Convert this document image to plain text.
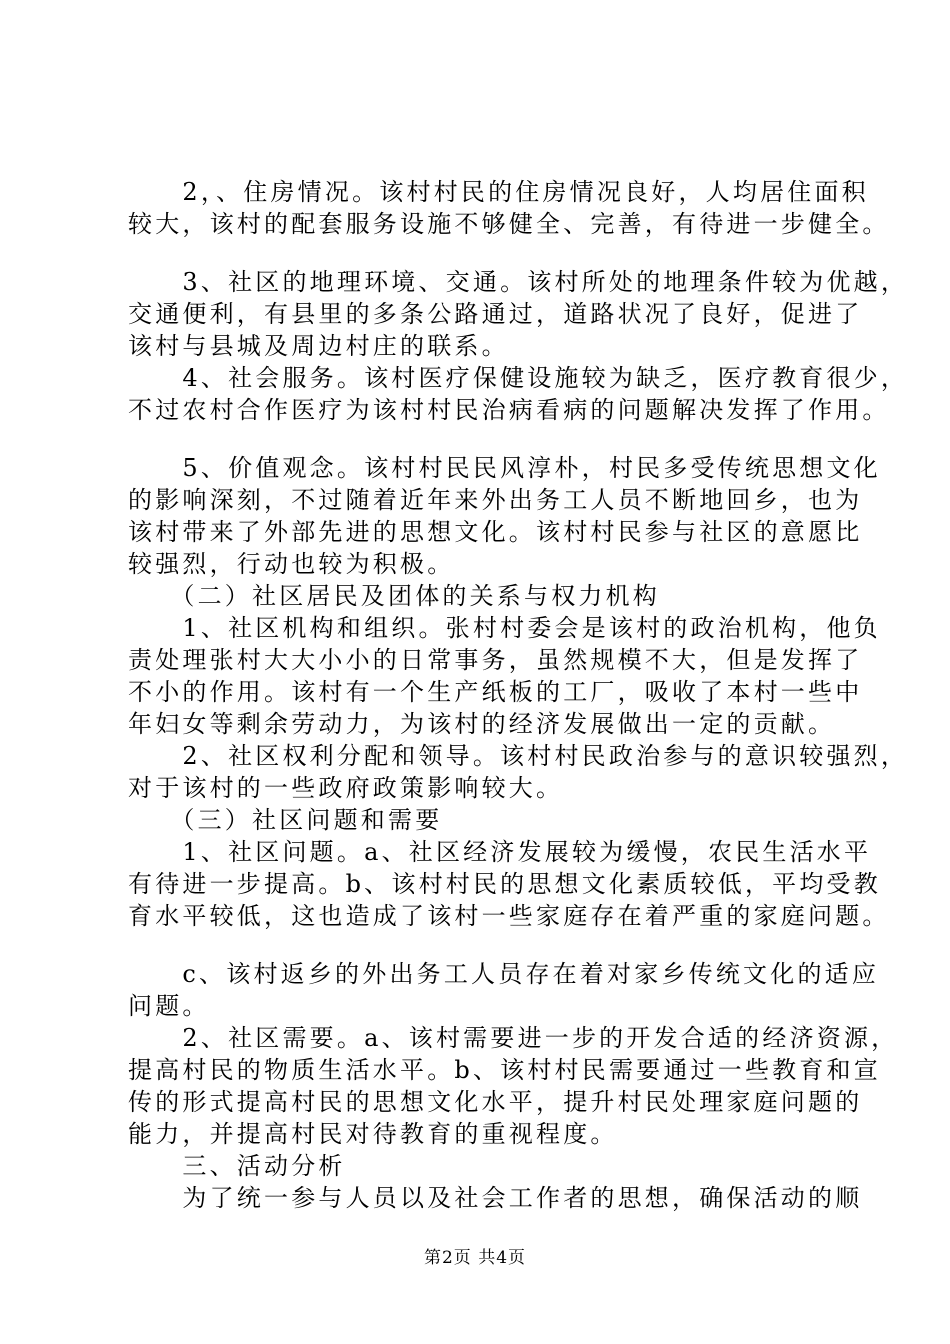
　　2，、住房情况。该村村民的住房情况良好，人均居住面积
较大，该村的配套服务设施不够健全、完善，有待进一步健全。
　　3、社区的地理环境、交通。该村所处的地理条件较为优越，
交通便利，有县里的多条公路通过，道路状况了良好，促进了
该村与县城及周边村庄的联系。
　　4、社会服务。该村医疗保健设施较为缺乏，医疗教育很少，
不过农村合作医疗为该村村民治病看病的问题解决发挥了作用。
　　5、价值观念。该村村民民风淳朴，村民多受传统思想文化
的影响深刻，不过随着近年来外出务工人员不断地回乡，也为
该村带来了外部先进的思想文化。该村村民参与社区的意愿比
较强烈，行动也较为积极。
　　（二）社区居民及团体的关系与权力机构
　　1、社区机构和组织。张村村委会是该村的政治机构，他负
责处理张村大大小小的日常事务，虽然规模不大，但是发挥了
不小的作用。该村有一个生产纸板的工厂，吸收了本村一些中
年妇女等剩余劳动力，为该村的经济发展做出一定的贡献。
　　2、社区权利分配和领导。该村村民政治参与的意识较强烈，
对于该村的一些政府政策影响较大。
　　（三）社区问题和需要
　　1、社区问题。a、社区经济发展较为缓慢，农民生活水平
有待进一步提高。b、该村村民的思想文化素质较低，平均受教
育水平较低，这也造成了该村一些家庭存在着严重的家庭问题。
　　c、该村返乡的外出务工人员存在着对家乡传统文化的适应
问题。
　　2、社区需要。a、该村需要进一步的开发合适的经济资源，
提高村民的物质生活水平。b、该村村民需要通过一些教育和宣
传的形式提高村民的思想文化水平，提升村民处理家庭问题的
能力，并提高村民对待教育的重视程度。
　　三、活动分析
　　为了统一参与人员以及社会工作者的思想，确保活动的顺
第2页 共4页
